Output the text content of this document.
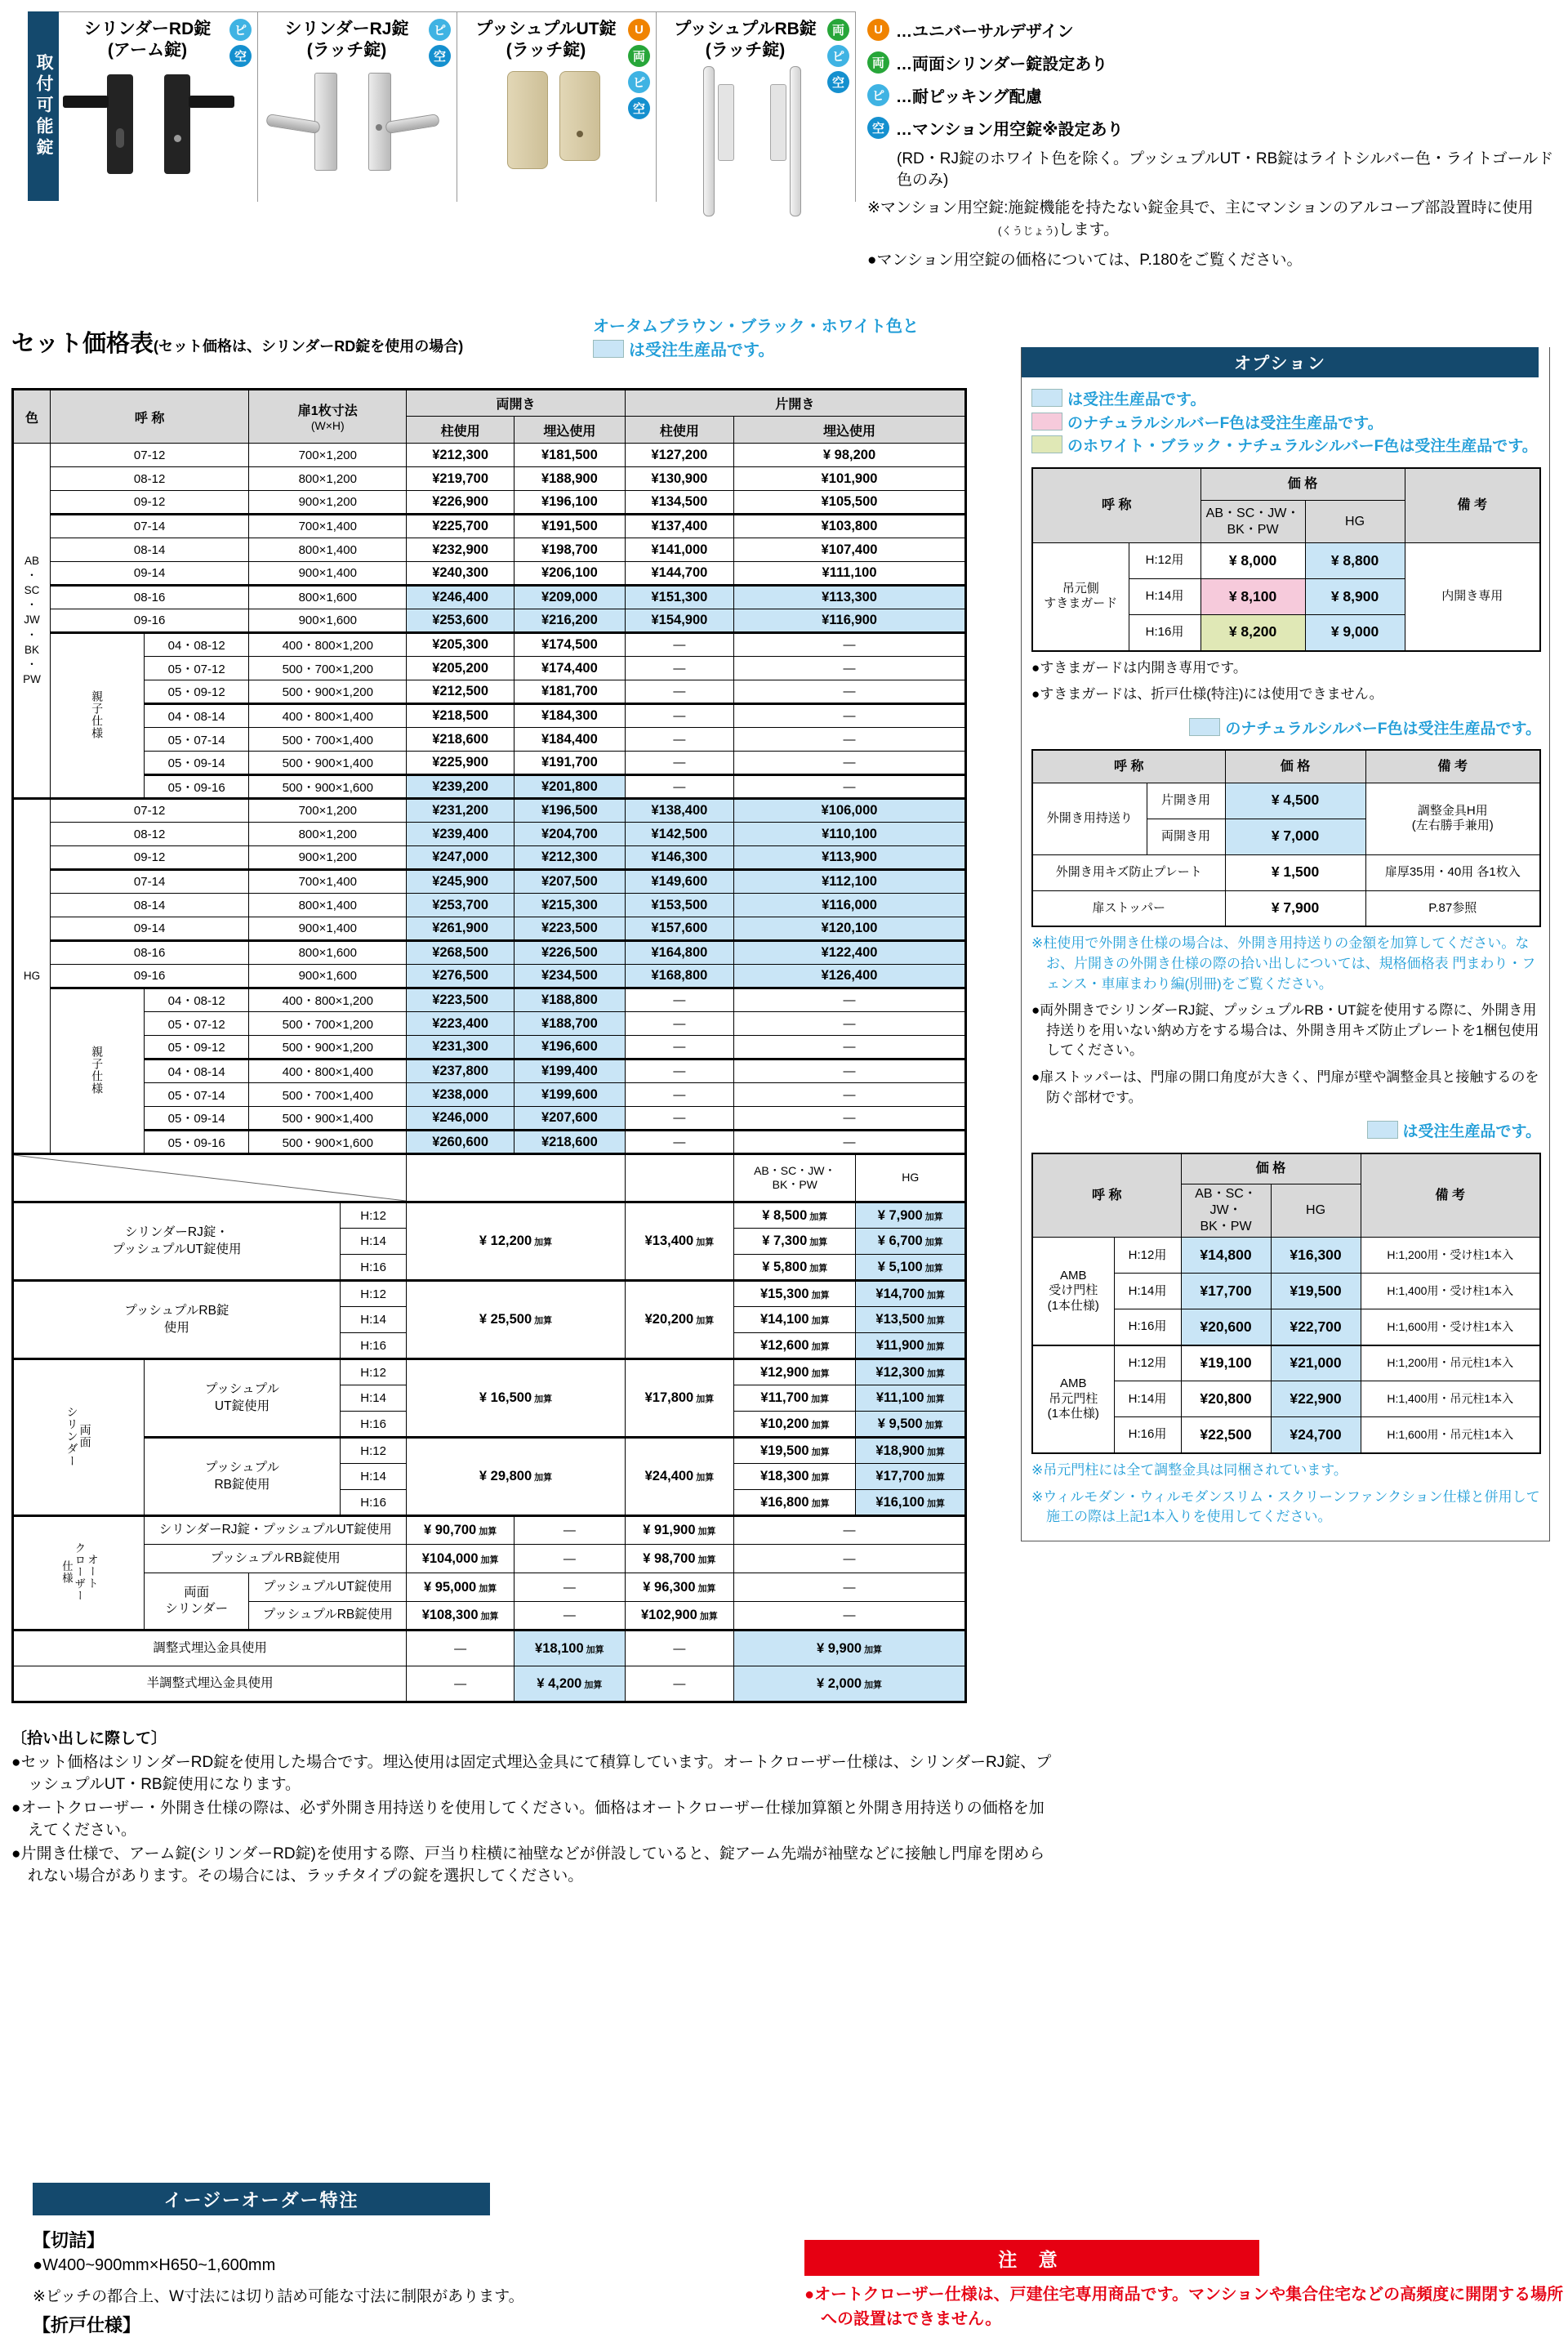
取付可能錠
シリンダーRD錠
(アーム錠)
ピ
空
シリンダーRJ錠
(ラッチ錠)
ピ
空
プッシュプルUT錠
(ラッチ錠)
U
両
ピ
空
プッシュプルRB錠
(ラッチ錠)
両
ピ
空
U …ユニバーサルデザイン
両 …両面シリンダー錠設定あり
ピ …耐ピッキング配慮
空 …マンション用空錠※設定あり
(RD・RJ錠のホワイト色を除く。プッシュプルUT・RB錠はライトシルバー色・ライトゴールド色のみ)
※マンション用空錠:施錠機能を持たない錠金具で、主にマンションのアルコーブ部設置時に使用
(くうじょう)します。
●マンション用空錠の価格については、P.180をご覧ください。
セット価格表(セット価格は、シリンダーRD錠を使用の場合)
オータムブラウン・ブラック・ホワイト色と
は受注生産品です。
色	呼 称		扉1枚寸法
(W×H)		両開き		片開き		
					柱使用	埋込使用	柱使用	埋込使用	
AB
・
SC
・
JW
・
BK
・
PW	07-12	700×1,200	¥212,300	¥181,500	¥127,200	¥ 98,200
	08-12		800×1,200		¥219,700	¥188,900	¥130,900	¥101,900	
	09-12		900×1,200		¥226,900	¥196,100	¥134,500	¥105,500	
	07-14		700×1,400		¥225,700	¥191,500	¥137,400	¥103,800	
	08-14		800×1,400		¥232,900	¥198,700	¥141,000	¥107,400	
	09-14		900×1,400		¥240,300	¥206,100	¥144,700	¥111,100	
	08-16		800×1,600		¥246,400	¥209,000	¥151,300	¥113,300	
	09-16		900×1,600		¥253,600	¥216,200	¥154,900	¥116,900	
	親子仕様	04・08-12	400・800×1,200		¥205,300	¥174,500	—	—	
		05・07-12	500・700×1,200		¥205,200	¥174,400	—	—	
		05・09-12	500・900×1,200		¥212,500	¥181,700	—	—	
		04・08-14	400・800×1,400		¥218,500	¥184,300	—	—	
		05・07-14	500・700×1,400		¥218,600	¥184,400	—	—	
		05・09-14	500・900×1,400		¥225,900	¥191,700	—	—	
		05・09-16	500・900×1,600		¥239,200	¥201,800	—	—	
HG	07-12		700×1,200		¥231,200	¥196,500	¥138,400	¥106,000	
	08-12		800×1,200		¥239,400	¥204,700	¥142,500	¥110,100	
	09-12		900×1,200		¥247,000	¥212,300	¥146,300	¥113,900	
	07-14		700×1,400		¥245,900	¥207,500	¥149,600	¥112,100	
	08-14		800×1,400		¥253,700	¥215,300	¥153,500	¥116,000	
	09-14		900×1,400		¥261,900	¥223,500	¥157,600	¥120,100	
	08-16		800×1,600		¥268,500	¥226,500	¥164,800	¥122,400	
	09-16		900×1,600		¥276,500	¥234,500	¥168,800	¥126,400	
	親子仕様	04・08-12	400・800×1,200		¥223,500	¥188,800	—	—	
		05・07-12	500・700×1,200		¥223,400	¥188,700	—	—	
		05・09-12	500・900×1,200		¥231,300	¥196,600	—	—	
		04・08-14	400・800×1,400		¥237,800	¥199,400	—	—	
		05・07-14	500・700×1,400		¥238,000	¥199,600	—	—	
		05・09-14	500・900×1,400		¥246,000	¥207,600	—	—	
		05・09-16	500・900×1,600		¥260,600	¥218,600	—	—	

			AB・SC・JW・
BK・PW	HG
シリンダーRJ錠・
プッシュプルUT錠使用				H:12	¥ 12,200 加算		¥13,400 加算	¥ 8,500 加算	¥ 7,900 加算
				H:14				¥ 7,300 加算	¥ 6,700 加算
				H:16				¥ 5,800 加算	¥ 5,100 加算
プッシュプルRB錠
使用				H:12	¥ 25,500 加算		¥20,200 加算	¥15,300 加算	¥14,700 加算
				H:14				¥14,100 加算	¥13,500 加算
				H:16				¥12,600 加算	¥11,900 加算
両面
シリンダー		プッシュプル
UT錠使用		H:12	¥ 16,500 加算		¥17,800 加算	¥12,900 加算	¥12,300 加算
				H:14				¥11,700 加算	¥11,100 加算
				H:16				¥10,200 加算	¥ 9,500 加算
		プッシュプル
RB錠使用		H:12	¥ 29,800 加算		¥24,400 加算	¥19,500 加算	¥18,900 加算
				H:14				¥18,300 加算	¥17,700 加算
				H:16				¥16,800 加算	¥16,100 加算
オート
クローザー
仕様		シリンダーRJ錠・プッシュプルUT錠使用			¥ 90,700 加算	—	¥ 91,900 加算	—	
		プッシュプルRB錠使用			¥104,000 加算	—	¥ 98,700 加算	—	
		両面
シリンダー	プッシュプルUT錠使用		¥ 95,000 加算	—	¥ 96,300 加算	—	
			プッシュプルRB錠使用		¥108,300 加算	—	¥102,900 加算	—	
調整式埋込金具使用					—	¥18,100 加算	—	¥ 9,900 加算	
半調整式埋込金具使用					—	¥ 4,200 加算	—	¥ 2,000 加算	
〔拾い出しに際して〕
●セット価格はシリンダーRD錠を使用した場合です。埋込使用は固定式埋込金具にて積算しています。オートクローザー仕様は、シリンダーRJ錠、プッシュプルUT・RB錠使用になります。
●オートクローザー・外開き仕様の際は、必ず外開き用持送りを使用してください。価格はオートクローザー仕様加算額と外開き用持送りの価格を加えてください。
●片開き仕様で、アーム錠(シリンダーRD錠)を使用する際、戸当り柱横に袖壁などが併設していると、錠アーム先端が袖壁などに接触し門扉を閉められない場合があります。その場合には、ラッチタイプの錠を選択してください。
オプション
は受注生産品です。
のナチュラルシルバーF色は受注生産品です。
のホワイト・ブラック・ナチュラルシルバーF色は受注生産品です。
呼 称		価 格		備 考
		AB・SC・JW・
BK・PW	HG	
吊元側
すきまガード	H:12用	¥ 8,000	¥ 8,800	内開き専用
	H:14用	¥ 8,100	¥ 8,900	
	H:16用	¥ 8,200	¥ 9,000	
●すきまガードは内開き専用です。
●すきまガードは、折戸仕様(特注)には使用できません。
のナチュラルシルバーF色は受注生産品です。
呼 称		価 格	備 考
外開き用持送り	片開き用	¥ 4,500	調整金具H用
(左右勝手兼用)
	両開き用	¥ 7,000	
外開き用キズ防止プレート		¥ 1,500	扉厚35用・40用 各1枚入
扉ストッパー		¥ 7,900	P.87参照
※柱使用で外開き仕様の場合は、外開き用持送りの金額を加算してください。なお、片開きの外開き仕様の際の拾い出しについては、規格価格表 門まわり・フェンス・車庫まわり編(別冊)をご覧ください。
●両外開きでシリンダーRJ錠、プッシュプルRB・UT錠を使用する際に、外開き用持送りを用いない納め方をする場合は、外開き用キズ防止プレートを1梱包使用してください。
●扉ストッパーは、門扉の開口角度が大きく、門扉が壁や調整金具と接触するのを防ぐ部材です。
は受注生産品です。
呼 称		価 格		備 考
		AB・SC・JW・
BK・PW	HG	
AMB
受け門柱
(1本仕様)	H:12用	¥14,800	¥16,300	H:1,200用・受け柱1本入
	H:14用	¥17,700	¥19,500	H:1,400用・受け柱1本入
	H:16用	¥20,600	¥22,700	H:1,600用・受け柱1本入
AMB
吊元門柱
(1本仕様)	H:12用	¥19,100	¥21,000	H:1,200用・吊元柱1本入
	H:14用	¥20,800	¥22,900	H:1,400用・吊元柱1本入
	H:16用	¥22,500	¥24,700	H:1,600用・吊元柱1本入
※吊元門柱には全て調整金具は同梱されています。
※ウィルモダン・ウィルモダンスリム・スクリーンファンクション仕様と併用して施工の際は上記1本入りを使用してください。
イージーオーダー特注
【切詰】
●W400~900mm×H650~1,600mm
※ピッチの都合上、W寸法には切り詰め可能な寸法に制限があります。
【折戸仕様】
注 意
●オートクローザー仕様は、戸建住宅専用商品です。マンションや集合住宅などの高頻度に開閉する場所への設置はできません。
